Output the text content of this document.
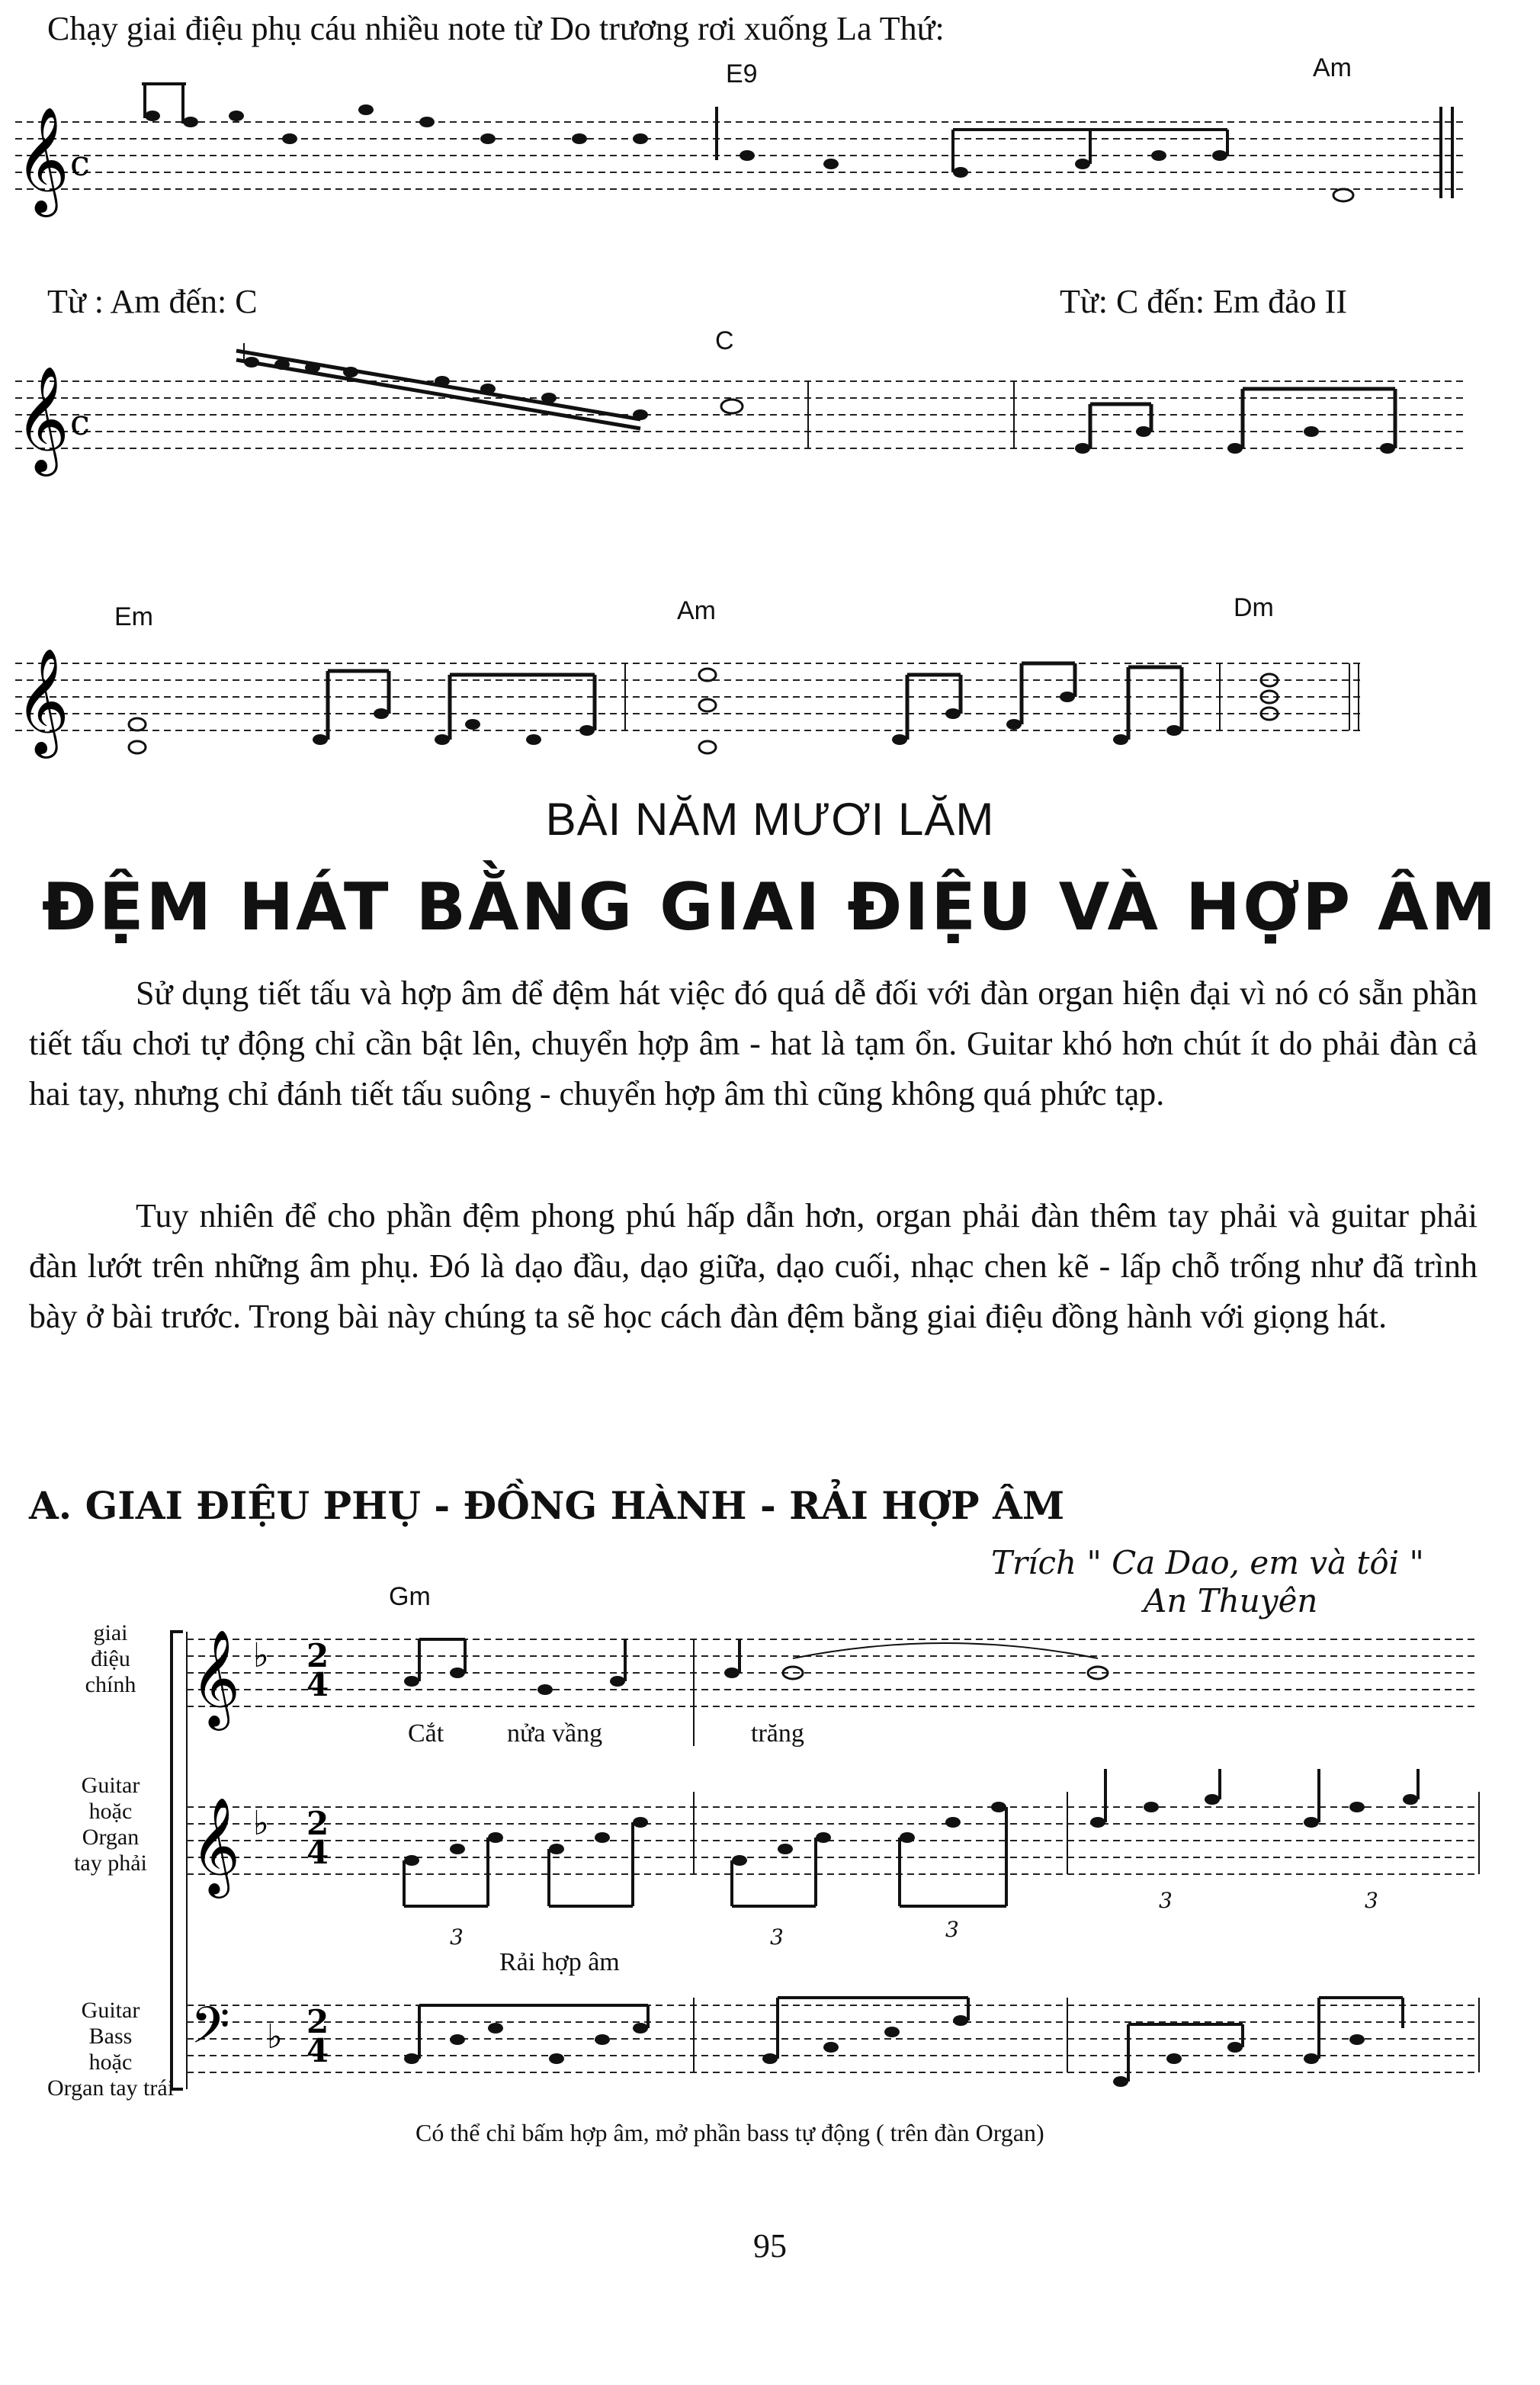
Chạy giai điệu phụ cáu nhiều note từ Do trương rơi xuống La Thứ:
E9	Am
𝄞 c
Từ : Am đến: C	Từ: C đến: Em đảo II
C
𝄞 c
Em	Am	Dm
𝄞
BÀI NĂM MƯƠI LĂM
ĐỆM HÁT BẰNG GIAI ĐIỆU VÀ HỢP ÂM
Sử dụng tiết tấu và hợp âm để đệm hát việc đó quá dễ đối với đàn organ hiện đại vì nó có sẵn phần tiết tấu chơi tự động chỉ cần bật lên, chuyển hợp âm - hat là tạm ổn. Guitar khó hơn chút ít do phải đàn cả hai tay, nhưng chỉ đánh tiết tấu suông - chuyển hợp âm thì cũng không quá phức tạp.
Tuy nhiên để cho phần đệm phong phú hấp dẫn hơn, organ phải đàn thêm tay phải và guitar phải đàn lướt trên những âm phụ. Đó là dạo đầu, dạo giữa, dạo cuối, nhạc chen kẽ - lấp chỗ trống như đã trình bày ở bài trước. Trong bài này chúng ta sẽ học cách đàn đệm bằng giai điệu đồng hành với giọng hát.
A. GIAI ĐIỆU PHỤ - ĐỒNG HÀNH - RẢI HỢP ÂM
Trích " Ca Dao, em và tôi "
An Thuyên
Gm
giai
điệu
chính
Guitar
hoặc
Organ
tay phải
Guitar
Bass
hoặc
Organ tay trái
𝄞 ♭ 2
4
𝄞 ♭ 2
4
3	3	3
3	3
𝄢 ♭ 2
4
Cắt nửa vầng	trăng
Rải hợp âm
Có thể chỉ bấm hợp âm, mở phần bass tự động ( trên đàn Organ)
95
